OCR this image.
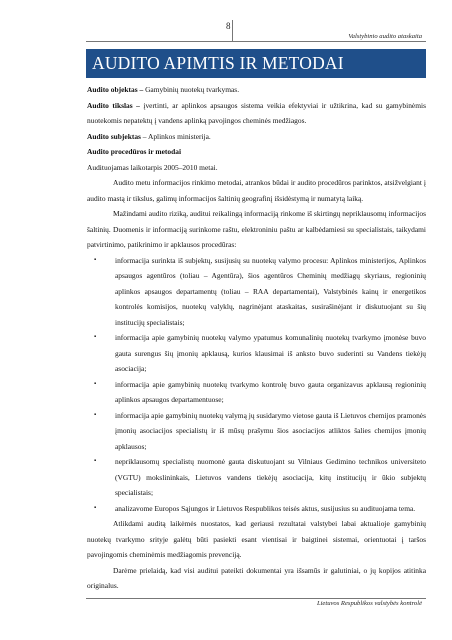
8
Valstybinio audito ataskaita
AUDITO APIMTIS IR METODAI

Audito objektas – Gamybinių nuotekų tvarkymas.

Audito tikslas – įvertinti, ar aplinkos apsaugos sistema veikia efektyviai ir užtikrina, kad su gamybinėmis nuotekomis nepatektų į vandens aplinką pavojingos cheminės medžiagos.

Audito subjektas – Aplinkos ministerija.

Audito procedūros ir metodai

Audituojamas laikotarpis 2005–2010 metai.

Audito metu informacijos rinkimo metodai, atrankos būdai ir audito procedūros parinktos, atsižvelgiant į audito mastą ir tikslus, galimų informacijos šaltinių geografinį išsidėstymą ir numatytą laiką.

Mažindami audito riziką, auditui reikalingą informaciją rinkome iš skirtingų nepriklausomų informacijos šaltinių. Duomenis ir informaciją surinkome raštu, elektroniniu paštu ar kalbėdamiesi su specialistais, taikydami patvirtinimo, patikrinimo ir apklausos procedūras:

▪	informacija surinkta iš subjektų, susijusių su nuotekų valymo procesu: Aplinkos ministerijos, Aplinkos apsaugos agentūros (toliau – Agentūra), šios agentūros Cheminių medžiagų skyriaus, regioninių aplinkos apsaugos departamentų (toliau – RAA departamentai), Valstybinės kainų ir energetikos kontrolės komisijos, nuotekų valyklų, nagrinėjant ataskaitas, susirašinėjant ir diskutuojant su šių institucijų specialistais;
▪	informacija apie gamybinių nuotekų valymo ypatumus komunalinių nuotekų tvarkymo įmonėse buvo gauta surengus šių įmonių apklausą, kurios klausimai iš anksto buvo suderinti su Vandens tiekėjų asociacija;
▪	informacija apie gamybinių nuotekų tvarkymo kontrolę buvo gauta organizavus apklausą regioninių aplinkos apsaugos departamentuose;
▪	informacija apie gamybinių nuotekų valymą jų susidarymo vietose gauta iš Lietuvos chemijos pramonės įmonių asociacijos specialistų ir iš mūsų prašymu šios asociacijos atliktos šalies chemijos įmonių apklausos;
▪	nepriklausomų specialistų nuomonė gauta diskutuojant su Vilniaus Gedimino technikos universiteto (VGTU) mokslininkais, Lietuvos vandens tiekėjų asociacija, kitų institucijų ir ūkio subjektų specialistais;
▪	analizavome Europos Sąjungos ir Lietuvos Respublikos teisės aktus, susijusius su audituojama tema.

Atlikdami auditą laikėmės nuostatos, kad geriausi rezultatai valstybei labai aktualioje gamybinių nuotekų tvarkymo srityje galėtų būti pasiekti esant vientisai ir baigtinei sistemai, orientuotai į taršos pavojingomis cheminėmis medžiagomis prevenciją.

Darėme prielaidą, kad visi auditui pateikti dokumentai yra išsamūs ir galutiniai, o jų kopijos atitinka originalus.

Lietuvos Respublikos valstybės kontrolė
